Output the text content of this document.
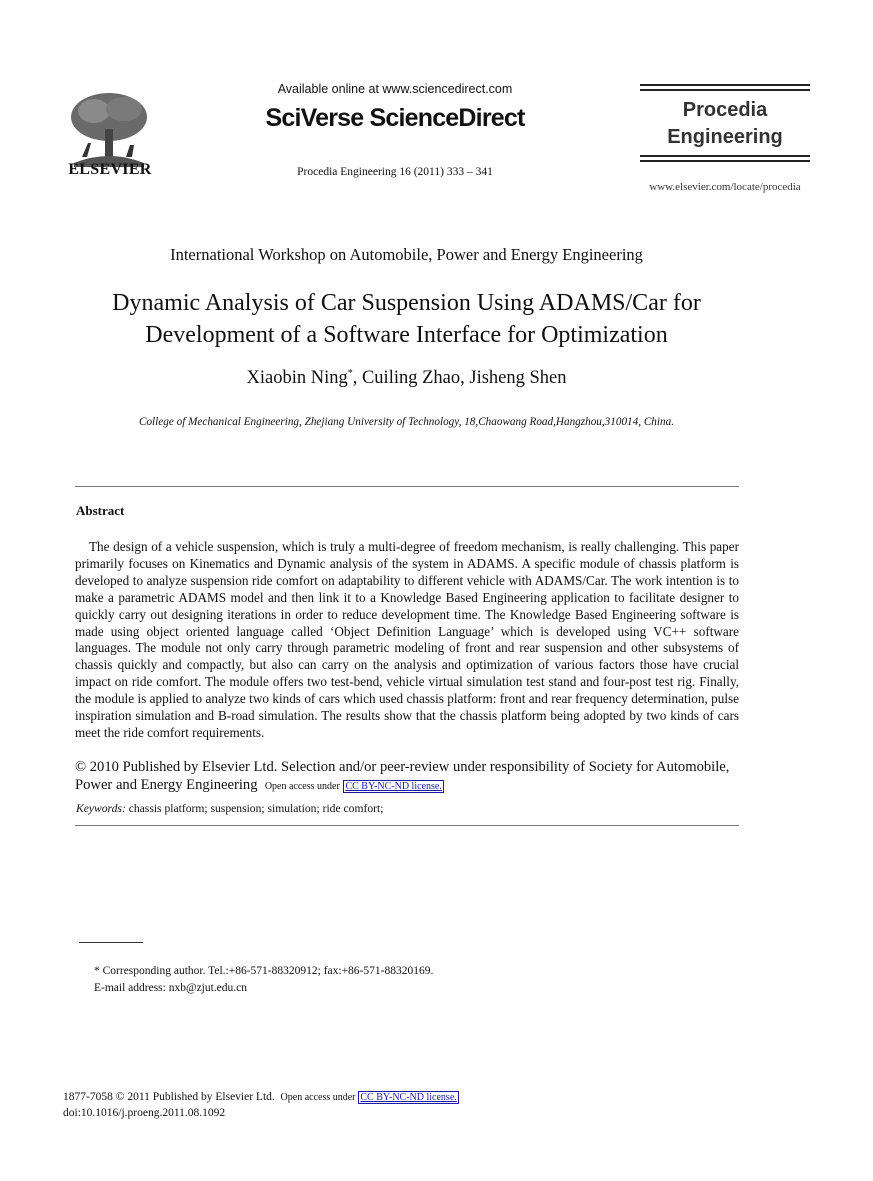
ELSEVIER
Available online at www.sciencedirect.com
SciVerse ScienceDirect
Procedia Engineering 16 (2011) 333 – 341
Procedia
Engineering
www.elsevier.com/locate/procedia
International Workshop on Automobile, Power and Energy Engineering
Dynamic Analysis of Car Suspension Using ADAMS/Car for
Development of a Software Interface for Optimization
Xiaobin Ning*, Cuiling Zhao, Jisheng Shen
College of Mechanical Engineering, Zhejiang University of Technology, 18,Chaowang Road,Hangzhou,310014, China.
Abstract
The design of a vehicle suspension, which is truly a multi-degree of freedom mechanism, is really challenging. This paper primarily focuses on Kinematics and Dynamic analysis of the system in ADAMS. A specific module of chassis platform is developed to analyze suspension ride comfort on adaptability to different vehicle with ADAMS/Car. The work intention is to make a parametric ADAMS model and then link it to a Knowledge Based Engineering application to facilitate designer to quickly carry out designing iterations in order to reduce development time. The Knowledge Based Engineering software is made using object oriented language called ‘Object Definition Language’ which is developed using VC++ software languages. The module not only carry through parametric modeling of front and rear suspension and other subsystems of chassis quickly and compactly, but also can carry on the analysis and optimization of various factors those have crucial impact on ride comfort. The module offers two test-bend, vehicle virtual simulation test stand and four-post test rig. Finally, the module is applied to analyze two kinds of cars which used chassis platform: front and rear frequency determination, pulse inspiration simulation and B-road simulation. The results show that the chassis platform being adopted by two kinds of cars meet the ride comfort requirements.
© 2010 Published by Elsevier Ltd. Selection and/or peer-review under responsibility of Society for Automobile, Power and Energy Engineering Open access under CC BY-NC-ND license.
Keywords: chassis platform; suspension; simulation; ride comfort;
* Corresponding author. Tel.:+86-571-88320912; fax:+86-571-88320169.
E-mail address: nxb@zjut.edu.cn
1877-7058 © 2011 Published by Elsevier Ltd. Open access under CC BY-NC-ND license.
doi:10.1016/j.proeng.2011.08.1092
